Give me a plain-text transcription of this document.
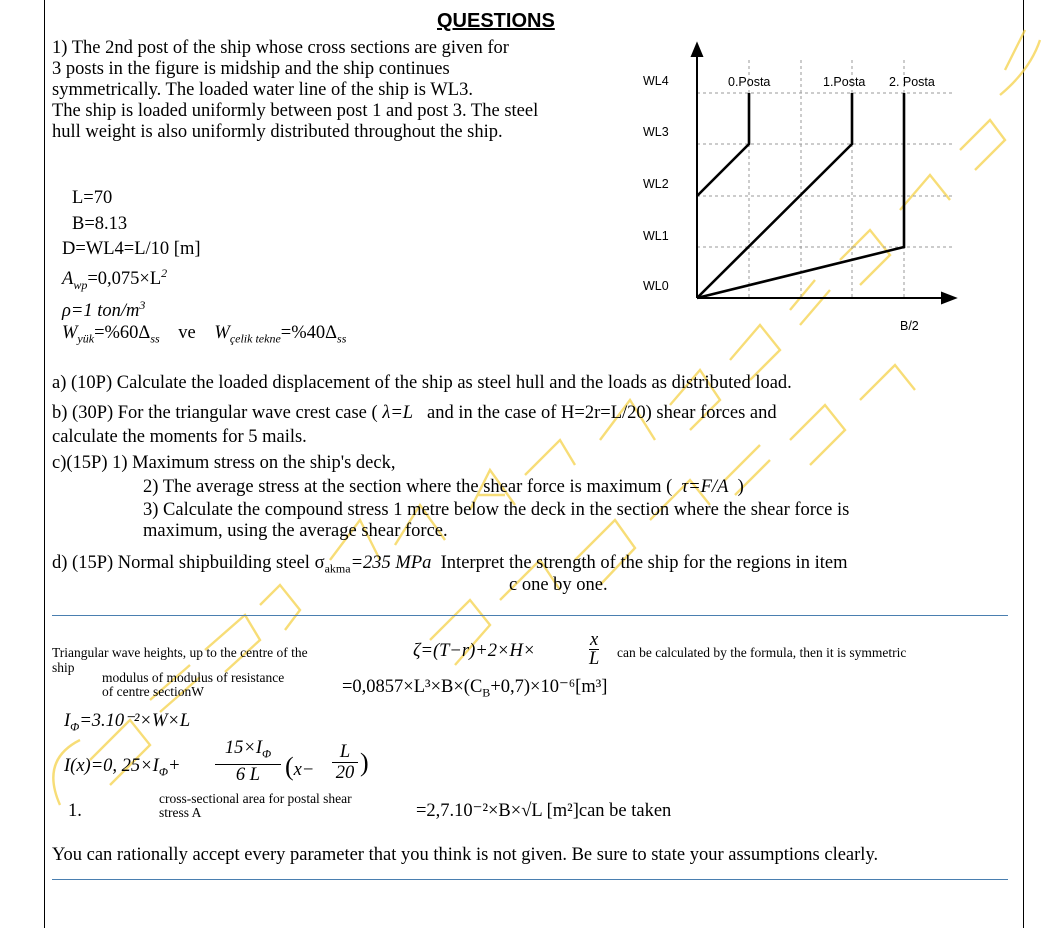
QUESTIONS
1) The 2nd post of the ship whose cross sections are given for
3 posts in the figure is midship and the ship continues
symmetrically. The loaded water line of the ship is WL3.
The ship is loaded uniformly between post 1 and post 3. The steel
hull weight is also uniformly distributed throughout the ship.
L=70
B=8.13
D=WL4=L/10 [m]
$A_{wp}=0,075\times L^2$
ρ=1 ton/$m^3$
$W_{yük}=\%60\Delta_{ss}$ ve $W_{çelik tekne}=\%40\Delta_{ss}$
WL4
WL3
WL2
WL1
WL0
0.Posta	1.Posta 2. Posta
B/2
a) (10P) Calculate the loaded displacement of the ship as steel hull and the loads as distributed load.
b) (30P) For the triangular wave crest case ( λ=L and in the case of H=2r=L/20) shear forces and
calculate the moments for 5 mails.
c)(15P) 1) Maximum stress on the ship's deck,
2) The average stress at the section where the shear force is maximum ( τ=F/A )
3) Calculate the compound stress 1 metre below the deck in the section where the shear force is
maximum, using the average shear force.
d) (15P) Normal shipbuilding steel $\sigma_{akma}=235$ MPa Interpret the strength of the ship for the regions in item
c one by one.
Triangular wave heights, up to the centre of the
ship
ζ=(T−r)+2×H×
x
L can be calculated by the formula, then it is symmetric
modulus of modulus of resistance
of centre sectionW	$=0,0857\times L^3\times B\times(C_B+0,7)\times 10^{-6}[m^3]$
$I_\Phi=3.10^{-2}\times W\times L$
I(x)=0, $25\times I_\Phi+$
$15\times I_\Phi$
6 L (x−
L
20 )
1.
cross-sectional area for postal shear
stress A	=2,7.10⁻²×B×√L [m²]can be taken
You can rationally accept every parameter that you think is not given. Be sure to state your assumptions clearly.
